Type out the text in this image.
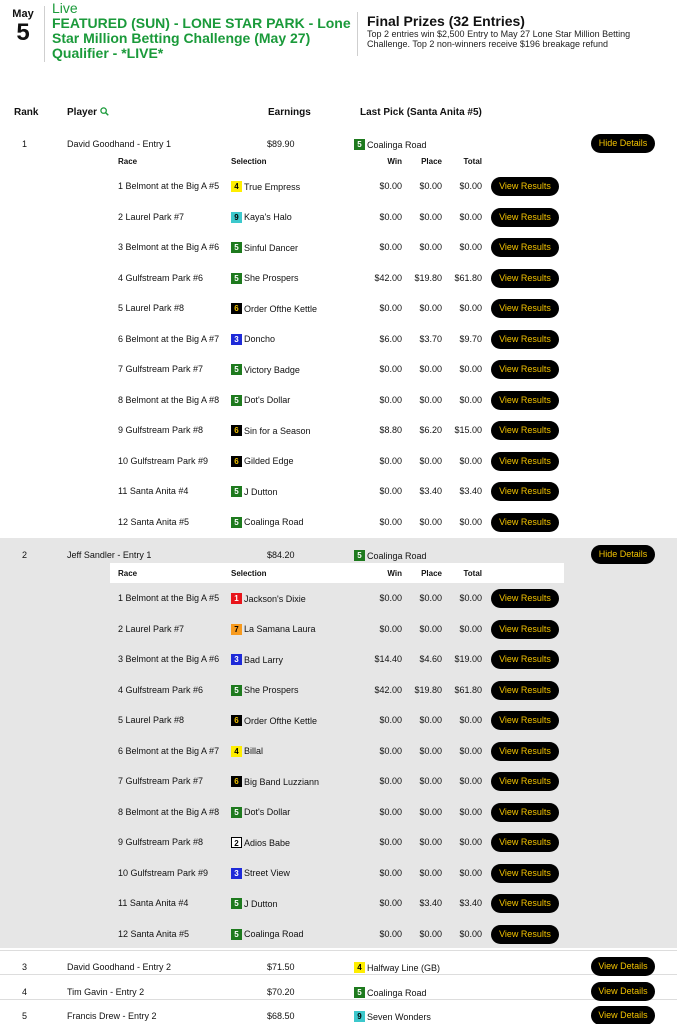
May
5
Live
FEATURED (SUN) - LONE STAR PARK - Lone Star Million Betting Challenge (May 27) Qualifier - *LIVE*
Final Prizes (32 Entries)
Top 2 entries win $2,500 Entry to May 27 Lone Star Million Betting Challenge. Top 2 non-winners receive $196 breakage refund
Rank	Player	Earnings	Last Pick (Santa Anita #5)
1	David Goodhand - Entry 1	$89.90	5 Coalinga Road	Hide Details
Race	Selection	Win	Place	Total
1 Belmont at the Big A #5	4 True Empress	$0.00	$0.00	$0.00	View Results
2 Laurel Park #7	9 Kaya's Halo	$0.00	$0.00	$0.00	View Results
3 Belmont at the Big A #6	5 Sinful Dancer	$0.00	$0.00	$0.00	View Results
4 Gulfstream Park #6	5 She Prospers	$42.00	$19.80	$61.80	View Results
5 Laurel Park #8	6 Order Ofthe Kettle	$0.00	$0.00	$0.00	View Results
6 Belmont at the Big A #7	3 Doncho	$6.00	$3.70	$9.70	View Results
7 Gulfstream Park #7	5 Victory Badge	$0.00	$0.00	$0.00	View Results
8 Belmont at the Big A #8	5 Dot's Dollar	$0.00	$0.00	$0.00	View Results
9 Gulfstream Park #8	6 Sin for a Season	$8.80	$6.20	$15.00	View Results
10 Gulfstream Park #9	6 Gilded Edge	$0.00	$0.00	$0.00	View Results
11 Santa Anita #4	5 J Dutton	$0.00	$3.40	$3.40	View Results
12 Santa Anita #5	5 Coalinga Road	$0.00	$0.00	$0.00	View Results
2	Jeff Sandler - Entry 1	$84.20	5 Coalinga Road	Hide Details
Race	Selection	Win	Place	Total
1 Belmont at the Big A #5	1 Jackson's Dixie	$0.00	$0.00	$0.00	View Results
2 Laurel Park #7	7 La Samana Laura	$0.00	$0.00	$0.00	View Results
3 Belmont at the Big A #6	3 Bad Larry	$14.40	$4.60	$19.00	View Results
4 Gulfstream Park #6	5 She Prospers	$42.00	$19.80	$61.80	View Results
5 Laurel Park #8	6 Order Ofthe Kettle	$0.00	$0.00	$0.00	View Results
6 Belmont at the Big A #7	4 Billal	$0.00	$0.00	$0.00	View Results
7 Gulfstream Park #7	6 Big Band Luzziann	$0.00	$0.00	$0.00	View Results
8 Belmont at the Big A #8	5 Dot's Dollar	$0.00	$0.00	$0.00	View Results
9 Gulfstream Park #8	2 Adios Babe	$0.00	$0.00	$0.00	View Results
10 Gulfstream Park #9	3 Street View	$0.00	$0.00	$0.00	View Results
11 Santa Anita #4	5 J Dutton	$0.00	$3.40	$3.40	View Results
12 Santa Anita #5	5 Coalinga Road	$0.00	$0.00	$0.00	View Results
3	David Goodhand - Entry 2	$71.50	4 Halfway Line (GB)	View Details
4	Tim Gavin - Entry 2	$70.20	5 Coalinga Road	View Details
5	Francis Drew - Entry 2	$68.50	9 Seven Wonders	View Details
